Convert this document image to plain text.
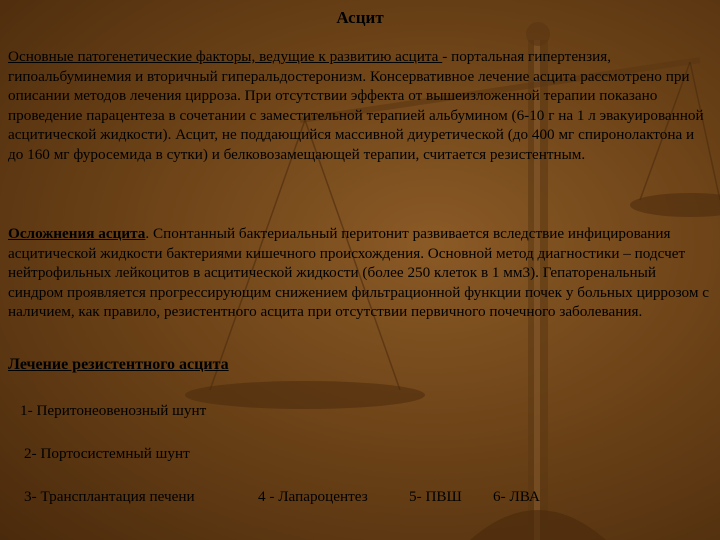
Асцит

Основные патогенетические факторы, ведущие к развитию асцита - портальная гипертензия, гипоальбуминемия и вторичный гиперальдостеронизм. Консервативное лечение асцита рассмотрено при описании методов лечения цирроза. При отсутствии эффекта от вышеизложенной терапии показано проведение парацентеза в сочетании с заместительной терапией альбумином (6-10 г на 1 л эвакуированной асцитической жидкости). Асцит, не поддающийся массивной диуретической (до 400 мг спиронолактона и до 160 мг фуросемида в сутки) и белковозамещающей терапии, считается резистентным.

Осложнения асцита. Спонтанный бактериальный перитонит развивается вследствие инфицирования асцитической жидкости бактериями кишечного происхождения. Основной метод диагностики – подсчет нейтрофильных лейкоцитов в асцитической жидкости (более 250 клеток в 1 мм3). Гепаторенальный синдром проявляется прогрессирующим снижением фильтрационной функции почек у больных циррозом с наличием, как правило, резистентного асцита при отсутствии первичного почечного заболевания.

Лечение резистентного асцита
1- Перитонеовенозный шунт
2- Портосистемный шунт
3- Трансплантация печени	4 - Лапароцентез	5- ПВШ 6- ЛВА
